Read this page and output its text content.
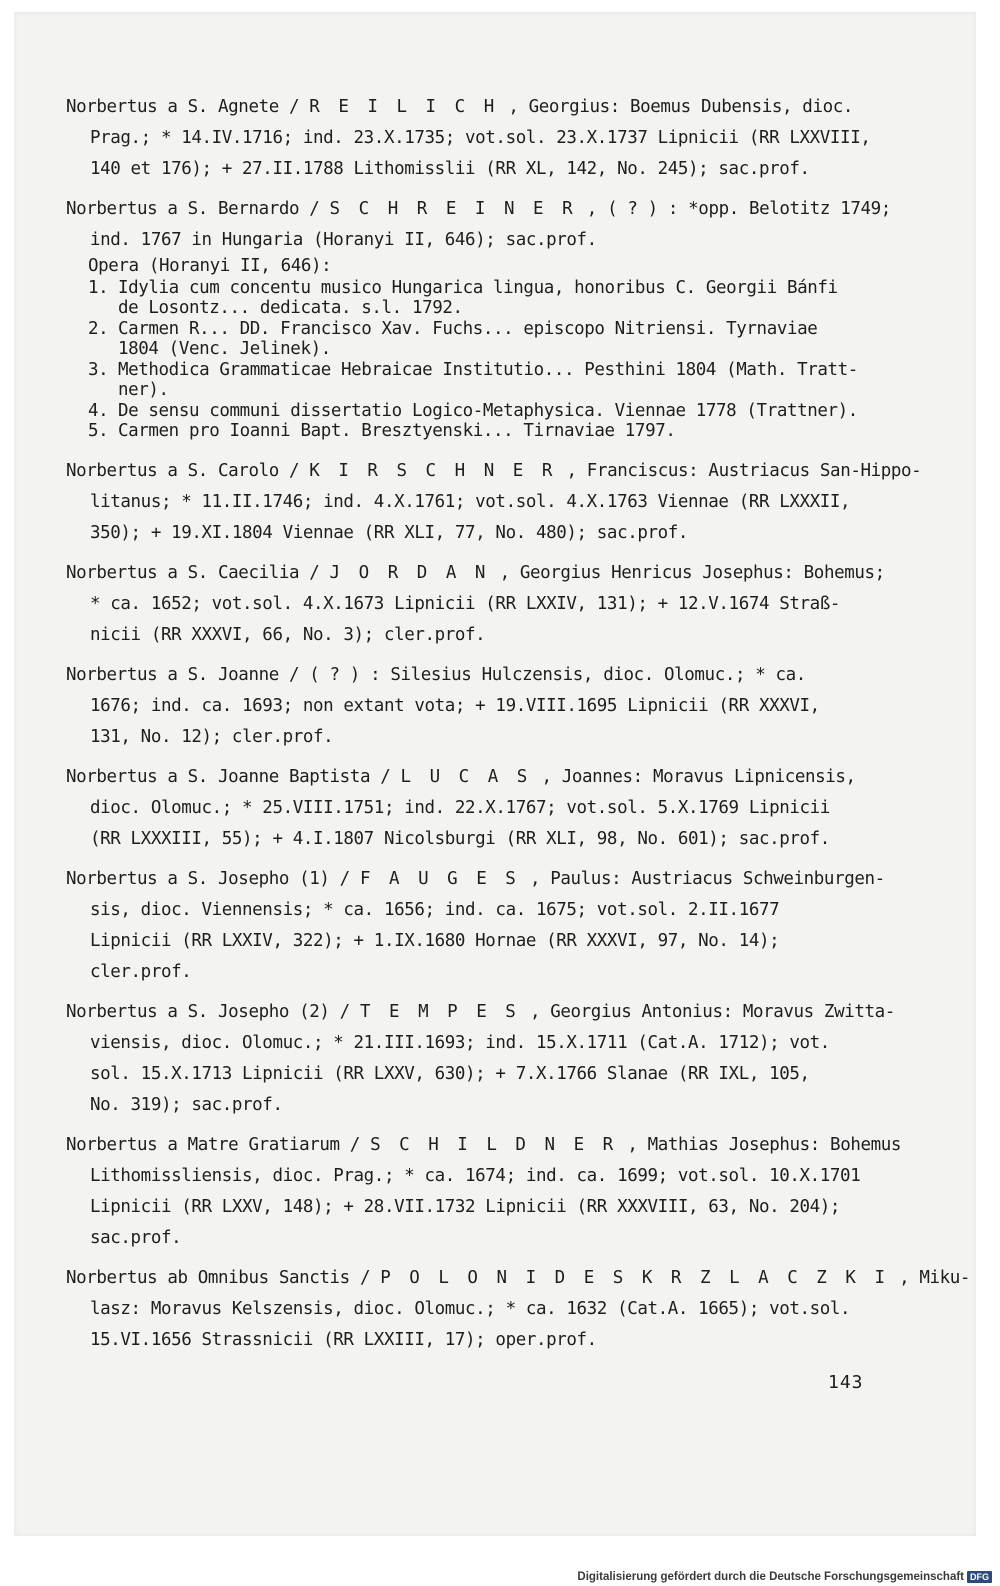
Norbertus a S. Agnete / R E I L I C H , Georgius: Boemus Dubensis, dioc.
Prag.; * 14.IV.1716; ind. 23.X.1735; vot.sol. 23.X.1737 Lipnicii (RR LXXVIII,
140 et 176); + 27.II.1788 Lithomisslii (RR XL, 142, No. 245); sac.prof.
Norbertus a S. Bernardo / S C H R E I N E R , ( ? ) : *opp. Belotitz 1749;
ind. 1767 in Hungaria (Horanyi II, 646); sac.prof.
Opera (Horanyi II, 646):
1. Idylia cum concentu musico Hungarica lingua, honoribus C. Georgii Bánfi
de Losontz... dedicata. s.l. 1792.
2. Carmen R... DD. Francisco Xav. Fuchs... episcopo Nitriensi. Tyrnaviae
1804 (Venc. Jelinek).
3. Methodica Grammaticae Hebraicae Institutio... Pesthini 1804 (Math. Tratt-
ner).
4. De sensu communi dissertatio Logico-Metaphysica. Viennae 1778 (Trattner).
5. Carmen pro Ioanni Bapt. Bresztyenski... Tirnaviae 1797.
Norbertus a S. Carolo / K I R S C H N E R , Franciscus: Austriacus San-Hippo-
litanus; * 11.II.1746; ind. 4.X.1761; vot.sol. 4.X.1763 Viennae (RR LXXXII,
350); + 19.XI.1804 Viennae (RR XLI, 77, No. 480); sac.prof.
Norbertus a S. Caecilia / J O R D A N , Georgius Henricus Josephus: Bohemus;
* ca. 1652; vot.sol. 4.X.1673 Lipnicii (RR LXXIV, 131); + 12.V.1674 Straß-
nicii (RR XXXVI, 66, No. 3); cler.prof.
Norbertus a S. Joanne / ( ? ) : Silesius Hulczensis, dioc. Olomuc.; * ca.
1676; ind. ca. 1693; non extant vota; + 19.VIII.1695 Lipnicii (RR XXXVI,
131, No. 12); cler.prof.
Norbertus a S. Joanne Baptista / L U C A S , Joannes: Moravus Lipnicensis,
dioc. Olomuc.; * 25.VIII.1751; ind. 22.X.1767; vot.sol. 5.X.1769 Lipnicii
(RR LXXXIII, 55); + 4.I.1807 Nicolsburgi (RR XLI, 98, No. 601); sac.prof.
Norbertus a S. Josepho (1) / F A U G E S , Paulus: Austriacus Schweinburgen-
sis, dioc. Viennensis; * ca. 1656; ind. ca. 1675; vot.sol. 2.II.1677
Lipnicii (RR LXXIV, 322); + 1.IX.1680 Hornae (RR XXXVI, 97, No. 14);
cler.prof.
Norbertus a S. Josepho (2) / T E M P E S , Georgius Antonius: Moravus Zwitta-
viensis, dioc. Olomuc.; * 21.III.1693; ind. 15.X.1711 (Cat.A. 1712); vot.
sol. 15.X.1713 Lipnicii (RR LXXV, 630); + 7.X.1766 Slanae (RR IXL, 105,
No. 319); sac.prof.
Norbertus a Matre Gratiarum / S C H I L D N E R , Mathias Josephus: Bohemus
Lithomissliensis, dioc. Prag.; * ca. 1674; ind. ca. 1699; vot.sol. 10.X.1701
Lipnicii (RR LXXV, 148); + 28.VII.1732 Lipnicii (RR XXXVIII, 63, No. 204);
sac.prof.
Norbertus ab Omnibus Sanctis / P O L O N I D E S K R Z L A C Z K I , Miku-
lasz: Moravus Kelszensis, dioc. Olomuc.; * ca. 1632 (Cat.A. 1665); vot.sol.
15.VI.1656 Strassnicii (RR LXXIII, 17); oper.prof.
143
Digitalisierung gefördert durch die Deutsche Forschungsgemeinschaft DFG
